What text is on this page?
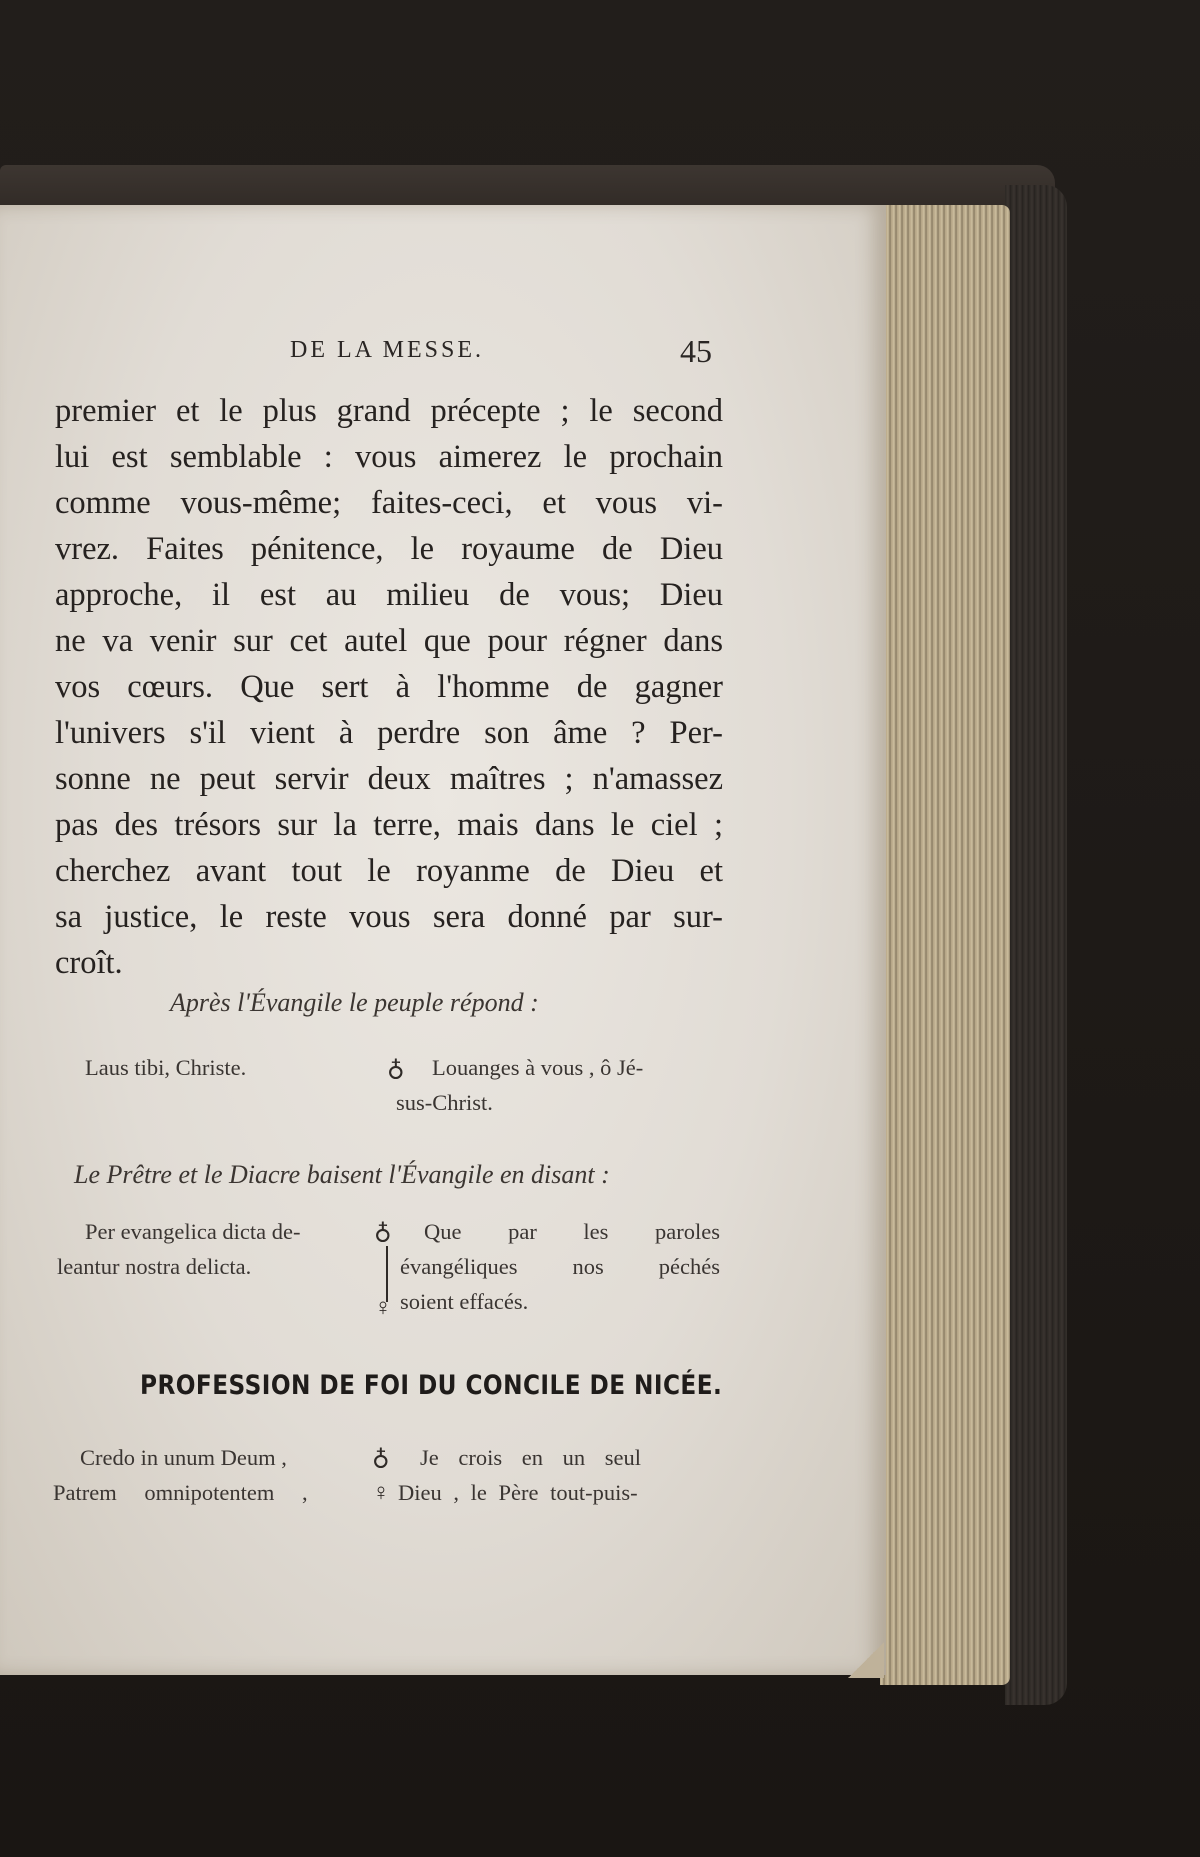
DE LA MESSE.	45
premier et le plus grand précepte ; le second
lui est semblable : vous aimerez le prochain
comme vous-même; faites-ceci, et vous vi-
vrez. Faites pénitence, le royaume de Dieu
approche, il est au milieu de vous; Dieu
ne va venir sur cet autel que pour régner dans
vos cœurs. Que sert à l'homme de gagner
l'univers s'il vient à perdre son âme ? Per-
sonne ne peut servir deux maîtres ; n'amassez
pas des trésors sur la terre, mais dans le ciel ;
cherchez avant tout le royanme de Dieu et
sa justice, le reste vous sera donné par sur-
croît.
Après l'Évangile le peuple répond :
Laus tibi, Christe.	♁ Louanges à vous , ô Jé-
sus-Christ.
Le Prêtre et le Diacre baisent l'Évangile en disant :
Per evangelica dicta de-
leantur nostra delicta.
♁
♀
Que par les paroles
évangéliques nos péchés
soient effacés.
PROFESSION DE FOI DU CONCILE DE NICÉE.
Credo in unum Deum ,
Patrem omnipotentem ,
♁
♀
Je crois en un seul
Dieu , le Père tout-puis-
